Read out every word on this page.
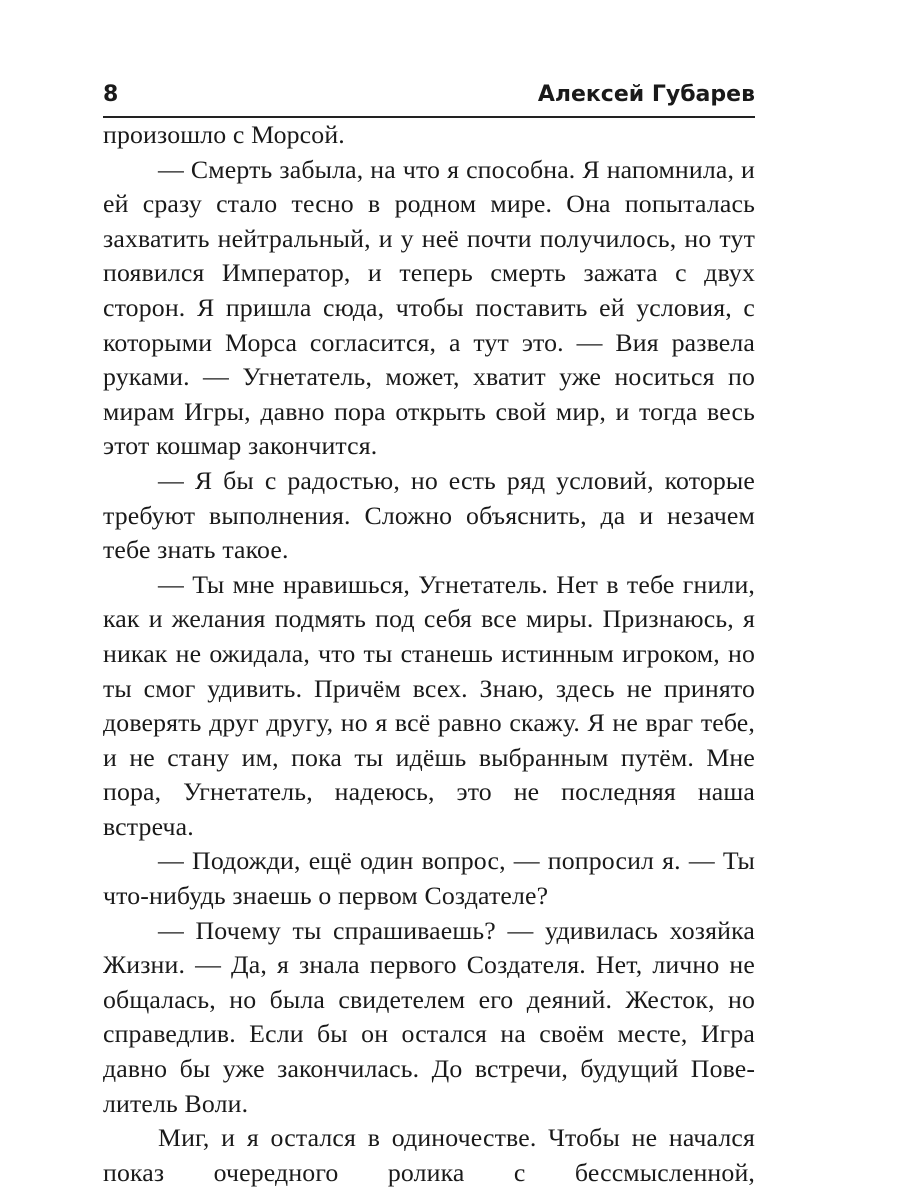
8	Алексей Губарев

произошло с Морсой.

— Смерть забыла, на что я способна. Я напомнила, и ей сразу стало тесно в родном мире. Она попыталась захватить нейтральный, и у неё почти получилось, но тут появился Император, и теперь смерть зажата с двух сторон. Я пришла сюда, чтобы поставить ей условия, с которыми Морса согласится, а тут это. — Вия развела руками. — Угнетатель, может, хватит уже носиться по мирам Игры, давно пора открыть свой мир, и тогда весь этот кошмар закончится.

— Я бы с радостью, но есть ряд условий, которые требуют выполнения. Сложно объяснить, да и незачем тебе знать такое.

— Ты мне нравишься, Угнетатель. Нет в тебе гнили, как и желания подмять под себя все миры. Признаюсь, я никак не ожидала, что ты станешь истинным игроком, но ты смог удивить. Причём всех. Знаю, здесь не принято доверять друг другу, но я всё равно скажу. Я не враг тебе, и не стану им, пока ты идёшь выбранным путём. Мне пора, Угнетатель, надеюсь, это не последняя наша встреча.

— Подожди, ещё один вопрос, — попросил я. — Ты что-нибудь знаешь о первом Создателе?

— Почему ты спрашиваешь? — удивилась хозяйка Жизни. — Да, я знала первого Создателя. Нет, лично не общалась, но была свидетелем его деяний. Жесток, но справедлив. Если бы он остался на своём месте, Игра давно бы уже закончилась. До встречи, будущий Повелитель Воли.

Миг, и я остался в одиночестве. Чтобы не начался показ очередного ролика с бессмысленной,
